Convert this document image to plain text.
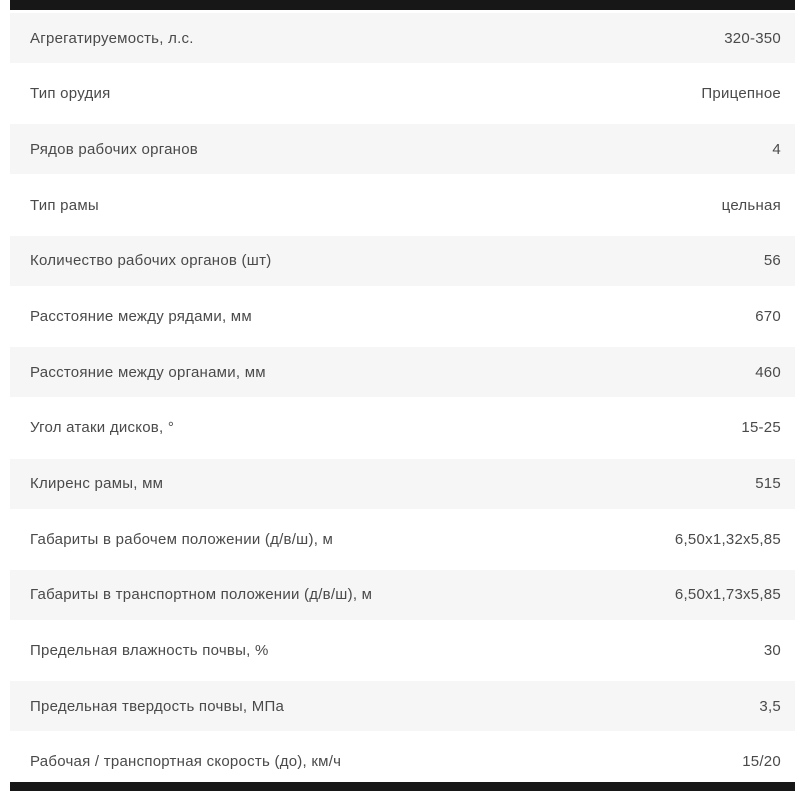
Агрегатируемость, л.с.	320-350
Тип орудия	Прицепное
Рядов рабочих органов	4
Тип рамы	цельная
Количество рабочих органов (шт)	56
Расстояние между рядами, мм	670
Расстояние между органами, мм	460
Угол атаки дисков, °	15-25
Клиренс рамы, мм	515
Габариты в рабочем положении (д/в/ш), м	6,50х1,32х5,85
Габариты в транспортном положении (д/в/ш), м	6,50х1,73х5,85
Предельная влажность почвы, %	30
Предельная твердость почвы, МПа	3,5
Рабочая / транспортная скорость (до), км/ч	15/20
